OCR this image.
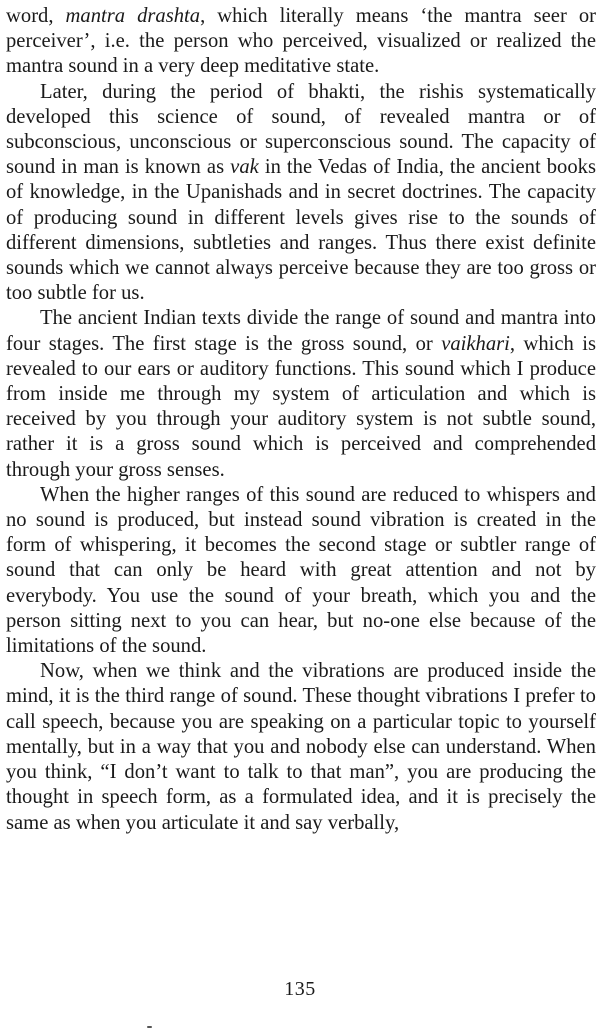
word, mantra drashta, which literally means ‘the mantra seer or perceiver’, i.e. the person who perceived, visualized or realized the mantra sound in a very deep meditative state.

Later, during the period of bhakti, the rishis systematically developed this science of sound, of revealed mantra or of subconscious, unconscious or superconscious sound. The capacity of sound in man is known as vak in the Vedas of India, the ancient books of knowledge, in the Upanishads and in secret doctrines. The capacity of producing sound in different levels gives rise to the sounds of different dimensions, subtleties and ranges. Thus there exist definite sounds which we cannot always perceive because they are too gross or too subtle for us.

The ancient Indian texts divide the range of sound and mantra into four stages. The first stage is the gross sound, or vaikhari, which is revealed to our ears or auditory functions. This sound which I produce from inside me through my system of articulation and which is received by you through your auditory system is not subtle sound, rather it is a gross sound which is perceived and comprehended through your gross senses.

When the higher ranges of this sound are reduced to whispers and no sound is produced, but instead sound vibration is created in the form of whispering, it becomes the second stage or subtler range of sound that can only be heard with great attention and not by everybody. You use the sound of your breath, which you and the person sitting next to you can hear, but no-one else because of the limitations of the sound.

Now, when we think and the vibrations are produced inside the mind, it is the third range of sound. These thought vibrations I prefer to call speech, because you are speaking on a particular topic to yourself mentally, but in a way that you and nobody else can understand. When you think, “I don’t want to talk to that man”, you are producing the thought in speech form, as a formulated idea, and it is precisely the same as when you articulate it and say verbally,

135
